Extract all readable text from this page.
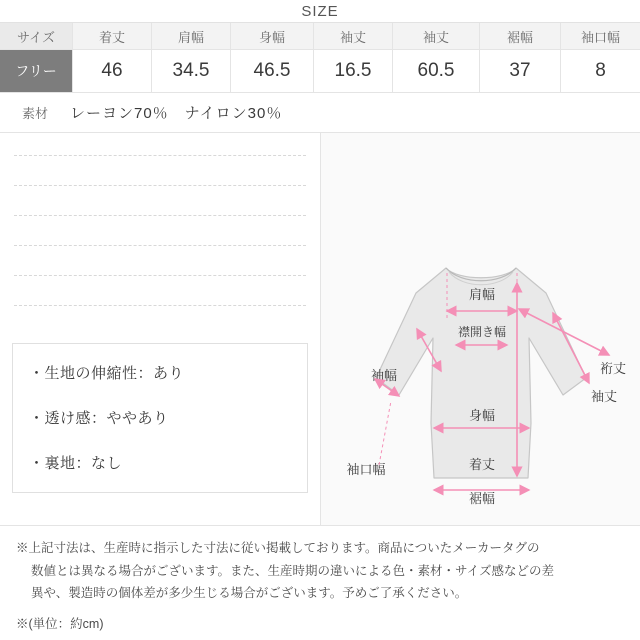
SIZE
サイズ	着丈	肩幅	身幅	袖丈	袖丈	裾幅	袖口幅
フリー	46	34.5	46.5	16.5	60.5	37	8
素材	レーヨン70％　ナイロン30％
・生地の伸縮性：あり
・透け感：ややあり
・裏地：なし
肩幅
襟開き幅
袖幅
袖口幅
身幅
着丈
裾幅
袖丈
裄丈

※上記寸法は、生産時に指示した寸法に従い掲載しております。商品についたメーカータグの

数値とは異なる場合がございます。また、生産時期の違いによる色・素材・サイズ感などの差

異や、製造時の個体差が多少生じる場合がございます。予めご了承ください。

※(単位：約cm)
